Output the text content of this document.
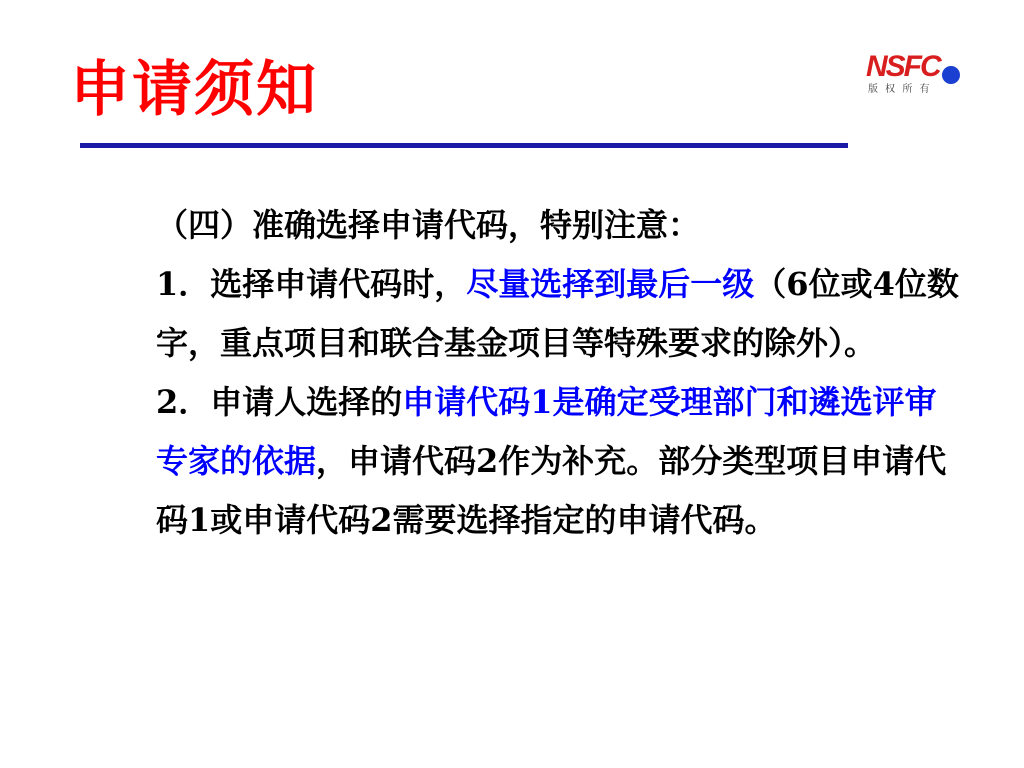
申请须知	NSFC
版 权 所 有

（四）准确选择申请代码，特别注意：

1．选择申请代码时，尽量选择到最后一级（6位或4位数字，重点项目和联合基金项目等特殊要求的除外）。

2．申请人选择的申请代码1是确定受理部门和遴选评审专家的依据，申请代码2作为补充。部分类型项目申请代码1或申请代码2需要选择指定的申请代码。
